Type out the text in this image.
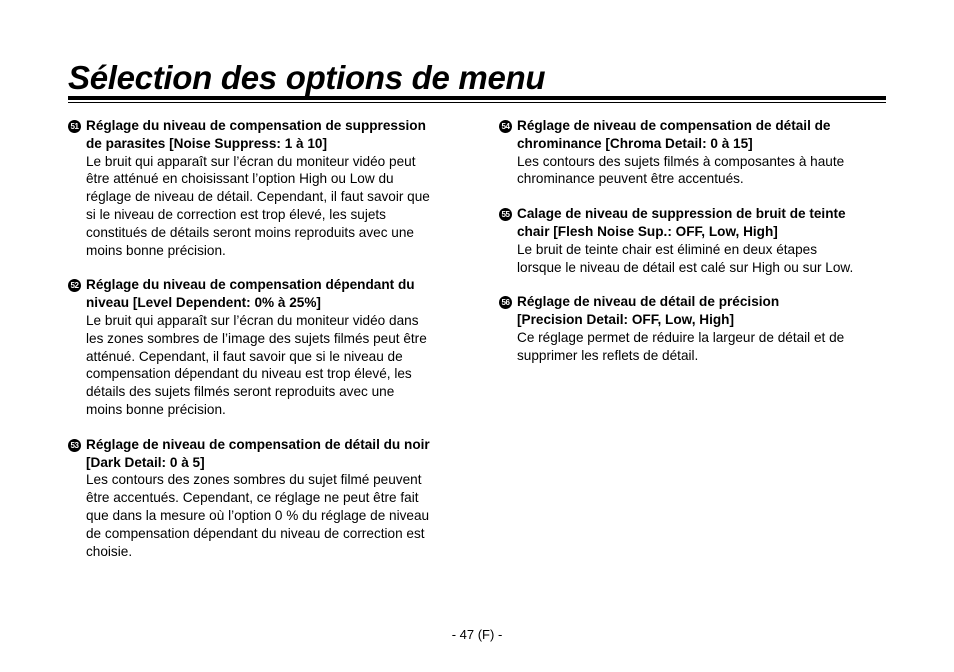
Sélection des options de menu
51 Réglage du niveau de compensation de suppression

de parasites [Noise Suppress: 1 à 10]

Le bruit qui apparaît sur l’écran du moniteur vidéo peut

être atténué en choisissant l’option High ou Low du

réglage de niveau de détail. Cependant, il faut savoir que

si le niveau de correction est trop élevé, les sujets

constitués de détails seront moins reproduits avec une

moins bonne précision.

52 Réglage du niveau de compensation dépendant du

niveau [Level Dependent: 0% à 25%]

Le bruit qui apparaît sur l’écran du moniteur vidéo dans

les zones sombres de l’image des sujets filmés peut être

atténué. Cependant, il faut savoir que si le niveau de

compensation dépendant du niveau est trop élevé, les

détails des sujets filmés seront reproduits avec une

moins bonne précision.

53 Réglage de niveau de compensation de détail du noir

[Dark Detail: 0 à 5]

Les contours des zones sombres du sujet filmé peuvent

être accentués. Cependant, ce réglage ne peut être fait

que dans la mesure où l’option 0 % du réglage de niveau

de compensation dépendant du niveau de correction est

choisie.

54 Réglage de niveau de compensation de détail de

chrominance [Chroma Detail: 0 à 15]

Les contours des sujets filmés à composantes à haute

chrominance peuvent être accentués.

55 Calage de niveau de suppression de bruit de teinte

chair [Flesh Noise Sup.: OFF, Low, High]

Le bruit de teinte chair est éliminé en deux étapes

lorsque le niveau de détail est calé sur High ou sur Low.

56 Réglage de niveau de détail de précision

[Precision Detail: OFF, Low, High]

Ce réglage permet de réduire la largeur de détail et de

supprimer les reflets de détail.

- 47 (F) -
